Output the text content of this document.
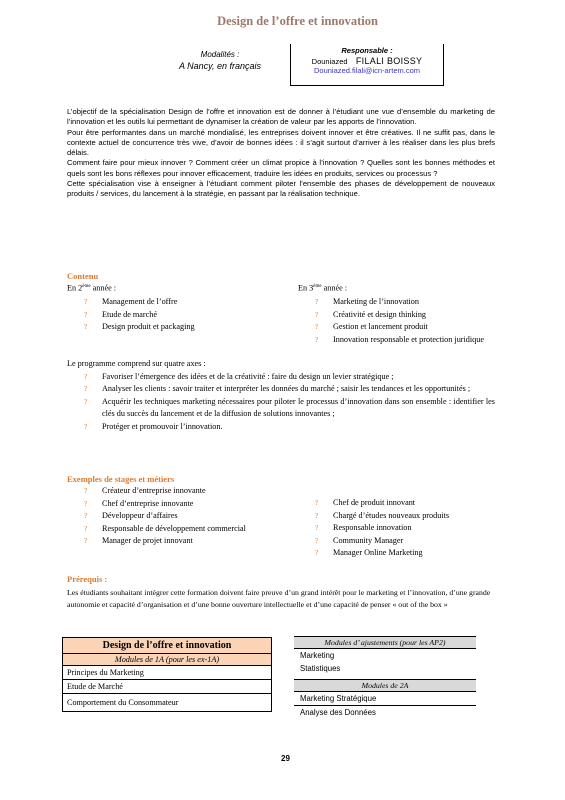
Design de l’offre et innovation
Modalités :
A Nancy, en français
Responsable :
Douniazed FILALI BOISSY
Douniazed.filali@icn-artem.com

L’objectif de la spécialisation Design de l’offre et innovation est de donner à l’étudiant une vue d’ensemble du marketing de l’innovation et les outils lui permettant de dynamiser la création de valeur par les apports de l’innovation.

Pour être performantes dans un marché mondialisé, les entreprises doivent innover et être créatives. Il ne suffit pas, dans le contexte actuel de concurrence très vive, d’avoir de bonnes idées : il s’agit surtout d’arriver à les réaliser dans les plus brefs délais.

Comment faire pour mieux innover ? Comment créer un climat propice à l’innovation ? Quelles sont les bonnes méthodes et quels sont les bons réflexes pour innover efficacement, traduire les idées en produits, services ou processus ?

Cette spécialisation vise à enseigner à l’étudiant comment piloter l’ensemble des phases de développement de nouveaux produits / services, du lancement à la stratégie, en passant par la réalisation technique.

Contenu
En 2ème année :
? Management de l’offre
? Etude de marché
? Design produit et packaging
En 3ème année :
? Marketing de l’innovation
? Créativité et design thinking
? Gestion et lancement produit
? Innovation responsable et protection juridique
Le programme comprend sur quatre axes :
? Favoriser l’émergence des idées et de la créativité : faire du design un levier stratégique ;
? Analyser les clients : savoir traiter et interpréter les données du marché ; saisir les tendances et les opportunités ;
? Acquérir les techniques marketing nécessaires pour piloter le processus d’innovation dans son ensemble : identifier les clés du succès du lancement et de la diffusion de solutions innovantes ;
? Protéger et promouvoir l’innovation.
Exemples de stages et métiers
? Créateur d’entreprise innovante
? Chef d’entreprise innovante
? Développeur d’affaires
? Responsable de développement commercial
? Manager de projet innovant
? Chef de produit innovant
? Chargé d’études nouveaux produits
? Responsable innovation
? Community Manager
? Manager Online Marketing
Prérequis :
Les étudiants souhaitant intégrer cette formation doivent faire preuve d’un grand intérêt pour le marketing et l’innovation, d’une grande autonomie et capacité d’organisation et d’une bonne ouverture intellectuelle et d’une capacité de penser « out of the box »
Design de l’offre et innovation
Modules de 1A (pour les ex-1A)
Principes du Marketing
Etude de Marché
Comportement du Consommateur
Modules d’ ajustements (pour les AP2)
Marketing
Statistiques
Modules de 2A
Marketing Stratégique
Analyse des Données
29
